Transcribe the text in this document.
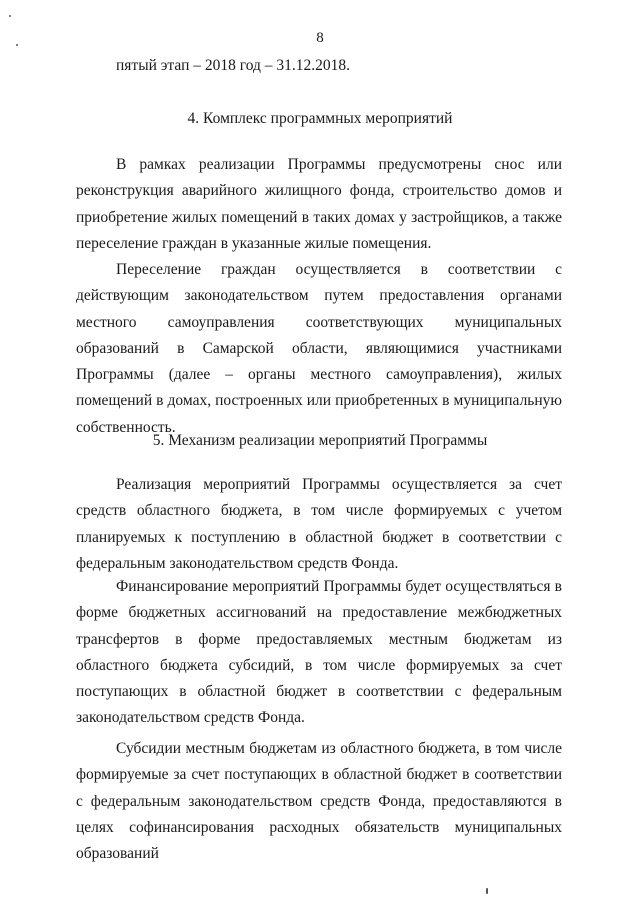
8
пятый этап – 2018 год – 31.12.2018.
4. Комплекс программных мероприятий

В рамках реализации Программы предусмотрены снос или реконструкция аварийного жилищного фонда, строительство домов и приобретение жилых помещений в таких домах у застройщиков, а также переселение граждан в указанные жилые помещения.

Переселение граждан осуществляется в соответствии с действующим законодательством путем предоставления органами местного самоуправления соответствующих муниципальных образований в Самарской области, являющимися участниками Программы (далее – органы местного самоуправления), жилых помещений в домах, построенных или приобретенных в муниципальную собственность.

5. Механизм реализации мероприятий Программы

Реализация мероприятий Программы осуществляется за счет средств областного бюджета, в том числе формируемых с учетом планируемых к поступлению в областной бюджет в соответствии с федеральным законодательством средств Фонда.

Финансирование мероприятий Программы будет осуществляться в форме бюджетных ассигнований на предоставление межбюджетных трансфертов в форме предоставляемых местным бюджетам из областного бюджета субсидий, в том числе формируемых за счет поступающих в областной бюджет в соответствии с федеральным законодательством средств Фонда.

Субсидии местным бюджетам из областного бюджета, в том числе формируемые за счет поступающих в областной бюджет в соответствии с федеральным законодательством средств Фонда, предоставляются в целях софинансирования расходных обязательств муниципальных образований
